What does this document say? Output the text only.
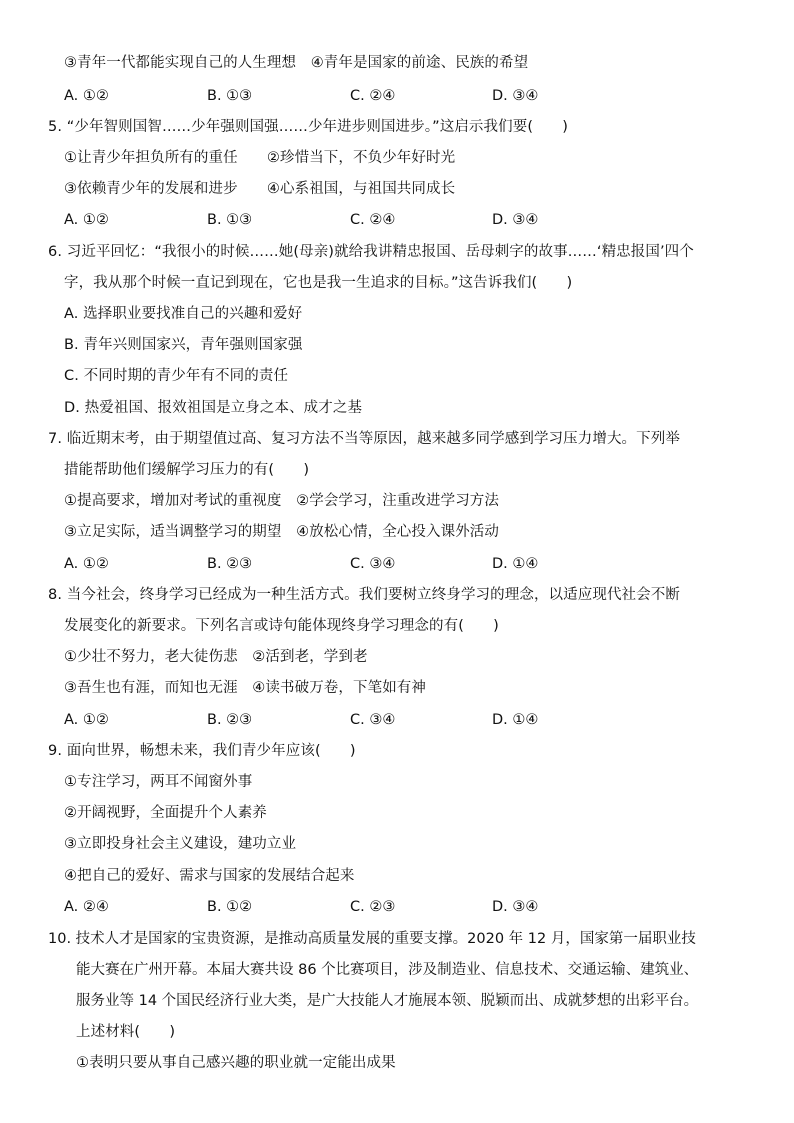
③青年一代都能实现自己的人生理想　④青年是国家的前途、民族的希望
A. ①②	B. ①③	C. ②④	D. ③④
5. “少年智则国智……少年强则国强……少年进步则国进步。”这启示我们要(　　)
①让青少年担负所有的重任　　②珍惜当下，不负少年好时光
③依赖青少年的发展和进步　　④心系祖国，与祖国共同成长
A. ①②	B. ①③	C. ②④	D. ③④
6. 习近平回忆：“我很小的时候……她(母亲)就给我讲精忠报国、岳母刺字的故事……‘精忠报国’四个
字，我从那个时候一直记到现在，它也是我一生追求的目标。”这告诉我们(　　)
A. 选择职业要找准自己的兴趣和爱好
B. 青年兴则国家兴，青年强则国家强
C. 不同时期的青少年有不同的责任
D. 热爱祖国、报效祖国是立身之本、成才之基
7. 临近期末考，由于期望值过高、复习方法不当等原因，越来越多同学感到学习压力增大。下列举
措能帮助他们缓解学习压力的有(　　)
①提高要求，增加对考试的重视度　②学会学习，注重改进学习方法
③立足实际，适当调整学习的期望　④放松心情，全心投入课外活动
A. ①②	B. ②③	C. ③④	D. ①④
8. 当今社会，终身学习已经成为一种生活方式。我们要树立终身学习的理念，以适应现代社会不断
发展变化的新要求。下列名言或诗句能体现终身学习理念的有(　　)
①少壮不努力，老大徒伤悲　②活到老，学到老
③吾生也有涯，而知也无涯　④读书破万卷，下笔如有神
A. ①②	B. ②③	C. ③④	D. ①④
9. 面向世界，畅想未来，我们青少年应该(　　)
①专注学习，两耳不闻窗外事
②开阔视野，全面提升个人素养
③立即投身社会主义建设，建功立业
④把自己的爱好、需求与国家的发展结合起来
A. ②④	B. ①②	C. ②③	D. ③④
10. 技术人才是国家的宝贵资源，是推动高质量发展的重要支撑。2020 年 12 月，国家第一届职业技
能大赛在广州开幕。本届大赛共设 86 个比赛项目，涉及制造业、信息技术、交通运输、建筑业、
服务业等 14 个国民经济行业大类，是广大技能人才施展本领、脱颖而出、成就梦想的出彩平台。
上述材料(　　)
①表明只要从事自己感兴趣的职业就一定能出成果
